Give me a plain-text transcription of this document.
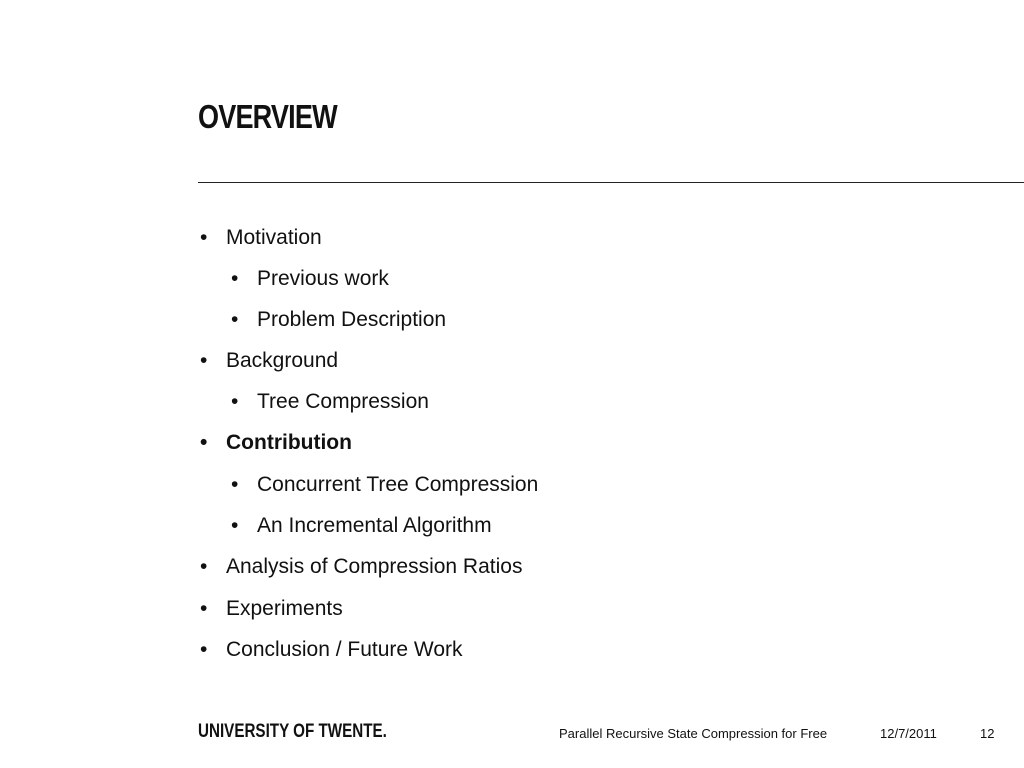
OVERVIEW
• Motivation
• Previous work
• Problem Description
• Background
• Tree Compression
• Contribution
• Concurrent Tree Compression
• An Incremental Algorithm
• Analysis of Compression Ratios
• Experiments
• Conclusion / Future Work
UNIVERSITY OF TWENTE.	Parallel Recursive State Compression for Free	12/7/2011	12
